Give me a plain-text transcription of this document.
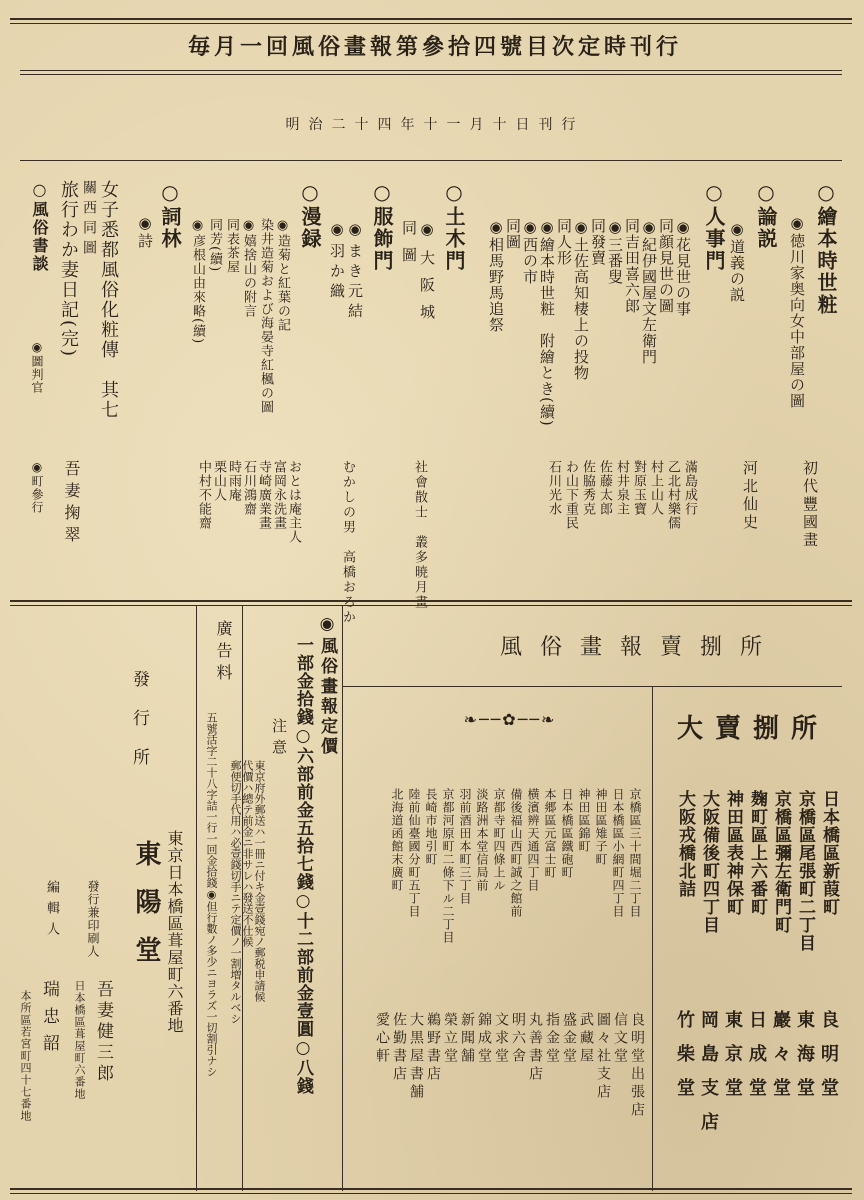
毎月一回風俗畫報第參拾四號目次定時刊行
明治二十四年十一月十日刊行
○繪本時世粧
◉徳川家奥向女中部屋の圖
初代豐國畫
○論説
◉道義の説
河北仙史
○人事門
◉花見世の事
同顔見世の圖
◉紀伊國屋文左衛門
同吉田喜六郎
◉三番叟
同發賣
◉土佐高知棲上の投物
同人形
◉繪本時世粧　附繪とき(續)
◉西の市
同圖
◉相馬野馬追祭
滿島成行
乙北村樂儒
村上山人
對原玉寶
村井泉主
佐藤太郎
佐脇秀克
わ山下重民
石川光水
○土木門
◉大阪城
同圖
社會散士　叢多暁月畫
○服飾門
◉まき元結
◉羽か織
むかしの男　高橋おろか
○漫録
◉造菊と紅葉の記
染井造菊および海晏寺紅楓の圖
◉嬉捨山の附言
同表茶屋
同芳(續)
◉彦根山由來略(續)
おとは庵主人
富岡永洗畫
寺崎廣業畫
石川鴻齋
時雨庵
栗山人
中村不能齋
○詞林
◉詩
女子悉都風俗化粧傳　其七
關西同圖
旅行わか妻日記(完)
吾妻掬翠
○風俗書談
◉圖判官
◉町參行
風俗畫報賣捌所
大賣捌所
日本橋區新葭町
良明堂
京橋區尾張町二丁目
東海堂
京橋區彌左衛門町
巖々堂
麹町區上六番町
日成堂
神田區表神保町
東京堂
大阪備後町四丁目
岡島支店
大阪戎橋北詰
竹柴堂
❧──✿──❧
京橋區三十間堀二丁目
良明堂出張店
日本橋區小網町四丁目
信文堂
神田區雉子町
圖々社支店
神田區錦町
武藏屋
日本橋區鐵砲町
盛金堂
本郷區元富士町
指金堂
横濱辨天通四丁目
丸善書店
備後福山西町誠之館前
明六舍
京都寺町四條上ル
文求堂
淡路洲本堂信局前
錦成堂
羽前酒田本町三丁目
新聞舗
京都河原町二條下ル二丁目
榮立堂
長崎市地引町
鵜野書店
陸前仙臺國分町五丁目
大黒屋書舗
北海道函館末廣町
佐勤書店
愛心軒
◉風俗畫報定價
一部金拾錢○六部前金五拾七錢○十二部前金壹圓○八錢
注意
東京府外郵送ハ一冊ニ付キ金壹錢宛ノ郵税申請候
代價ハ總テ前金ニ非サレハ發送不仕候
郵便切手代用ハ必壹錢切手ニテ定價ノ一割増タルベシ
廣告料
五號活字二十八字詰一行一回金拾錢◉但行數ノ多少ニヨラズ一切割引ナシ
發行所
東京日本橋區葺屋町六番地
東陽堂
發行兼印刷人
吾妻健三郎
日本橋區葺屋町六番地
編輯人
瑞忠韶
本所區若宮町四十七番地
